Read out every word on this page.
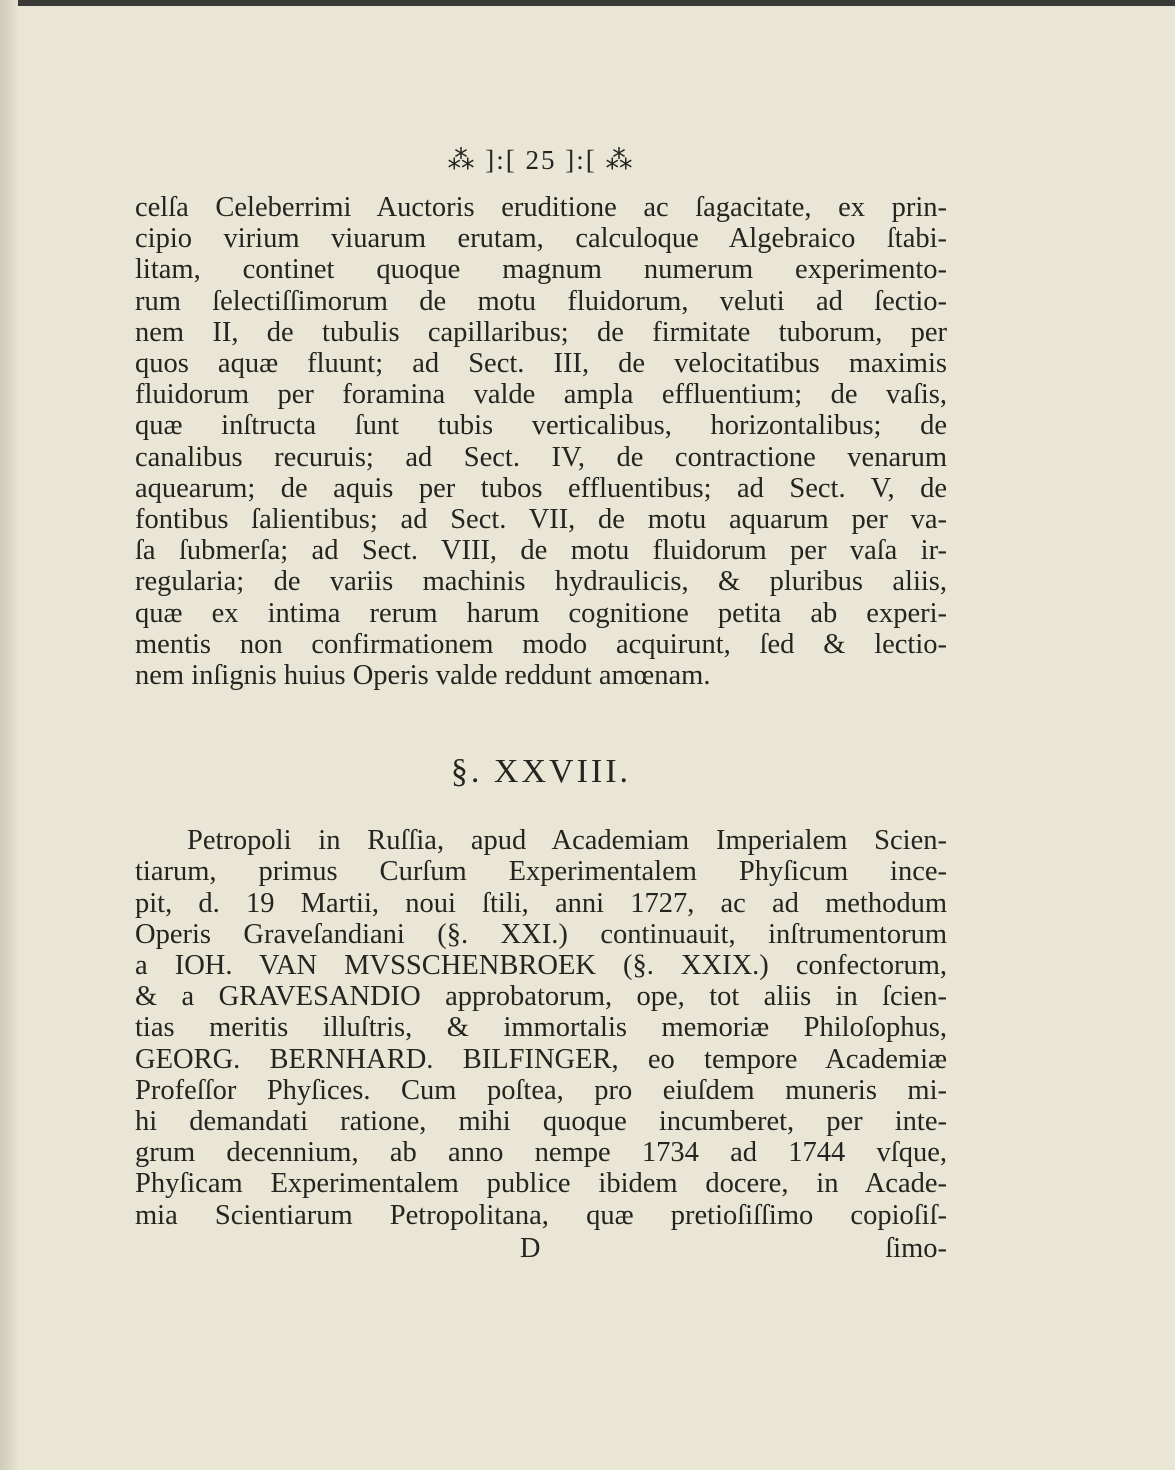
⁂ ]:[ 25 ]:[ ⁂
celſa Celeberrimi Auctoris eruditione ac ſagacitate, ex prin-
cipio virium viuarum erutam, calculoque Algebraico ſtabi-
litam, continet quoque magnum numerum experimento-
rum ſelectiſſimorum de motu fluidorum, veluti ad ſectio-
nem II, de tubulis capillaribus; de firmitate tuborum, per
quos aquæ fluunt; ad Sect. III, de velocitatibus maximis
fluidorum per foramina valde ampla effluentium; de vaſis,
quæ inſtructa ſunt tubis verticalibus, horizontalibus; de
canalibus recuruis; ad Sect. IV, de contractione venarum
aquearum; de aquis per tubos effluentibus; ad Sect. V, de
fontibus ſalientibus; ad Sect. VII, de motu aquarum per va-
ſa ſubmerſa; ad Sect. VIII, de motu fluidorum per vaſa ir-
regularia; de variis machinis hydraulicis, & pluribus aliis,
quæ ex intima rerum harum cognitione petita ab experi-
mentis non confirmationem modo acquirunt, ſed & lectio-
nem inſignis huius Operis valde reddunt amœnam.
§. XXVIII.
Petropoli in Ruſſia, apud Academiam Imperialem Scien-
tiarum, primus Curſum Experimentalem Phyſicum ince-
pit, d. 19 Martii, noui ſtili, anni 1727, ac ad methodum
Operis Graveſandiani (§. XXI.) continuauit, inſtrumentorum
a IOH. VAN MVSSCHENBROEK (§. XXIX.) confectorum,
& a GRAVESANDIO approbatorum, ope, tot aliis in ſcien-
tias meritis illuſtris, & immortalis memoriæ Philoſophus,
GEORG. BERNHARD. BILFINGER, eo tempore Academiæ
Profeſſor Phyſices. Cum poſtea, pro eiuſdem muneris mi-
hi demandati ratione, mihi quoque incumberet, per inte-
grum decennium, ab anno nempe 1734 ad 1744 vſque,
Phyſicam Experimentalem publice ibidem docere, in Acade-
mia Scientiarum Petropolitana, quæ pretioſiſſimo copioſiſ-
D	ſimo-
